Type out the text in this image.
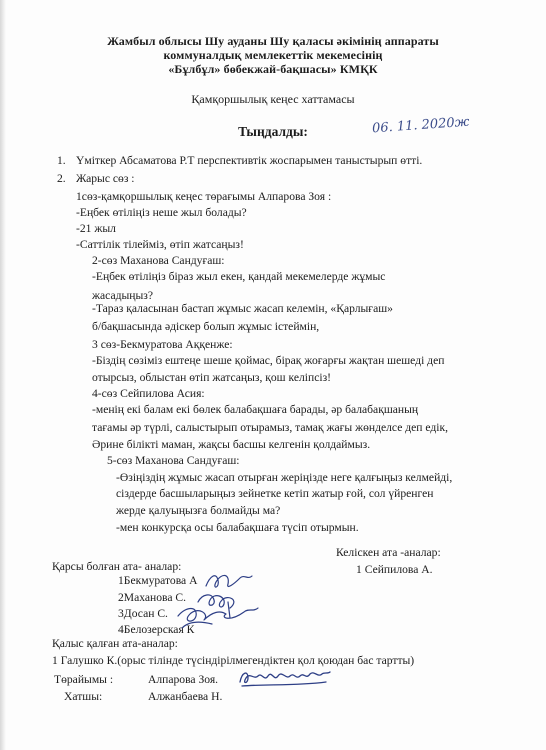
Жамбыл облысы Шу ауданы Шу қаласы әкімінің аппараты
коммуналдық мемлекеттік мекемесінің
«Бұлбұл» бөбекжай-бақшасы» КМҚК
Қамқоршылық кеңес хаттамасы
06. 11. 2020ж
Тыңдалды:
1. Үміткер Абсаматова Р.Т перспективтік жоспарымен таныстырып өтті.
2. Жарыс сөз :
1сөз-қамқоршылық кеңес төрағымы Алпарова Зоя :
-Еңбек өтіліңіз неше жыл болады?
-21 жыл
-Саттілік тілейміз, өтіп жатсаңыз!
2-сөз Маханова Сандуғаш:
-Еңбек өтіліңіз біраз жыл екен, қандай мекемелерде жұмыс
жасадыңыз?
-Тараз қаласынан бастап жұмыс жасап келемін, «Қарлығаш»
б/бақшасында әдіскер болып жұмыс істеймін,
3 сөз-Бекмуратова Аққенже:
-Біздің сөзіміз ештеңе шеше қоймас, бірақ жоғарғы жақтан шешеді деп
отырсыз, облыстан өтіп жатсаңыз, қош келіпсіз!
4-сөз Сейпилова Асия:
-менің екі балам екі бөлек балабақшаға барады, әр балабақшаның
тағамы әр түрлі, салыстырып отырамыз, тамақ жағы жөнделсе деп едік,
Әрине білікті маман, жақсы басшы келгенін қолдаймыз.
5-сөз Маханова Сандуғаш:
-Өзіңіздің жұмыс жасап отырған жеріңізде неге қалғыңыз келмейді,
сіздерде басшыларыңыз зейнетке кетіп жатыр ғой, сол үйренген
жерде қалуыңызға болмайды ма?
-мен конкурсқа осы балабақшаға түсіп отырмын.
Қарсы болған ата- аналар:
1Бекмуратова А
2Маханова С.
3Досан С.
4Белозерская К
Келіскен ата -аналар:
1 Сейпилова А.
Қалыс қалған ата-аналар:
1 Галушко К.(орыс тілінде түсіндірілмегендіктен қол қоюдан бас тартты)
Төрайымы :	Алпарова Зоя.
Хатшы:	Алжанбаева Н.
